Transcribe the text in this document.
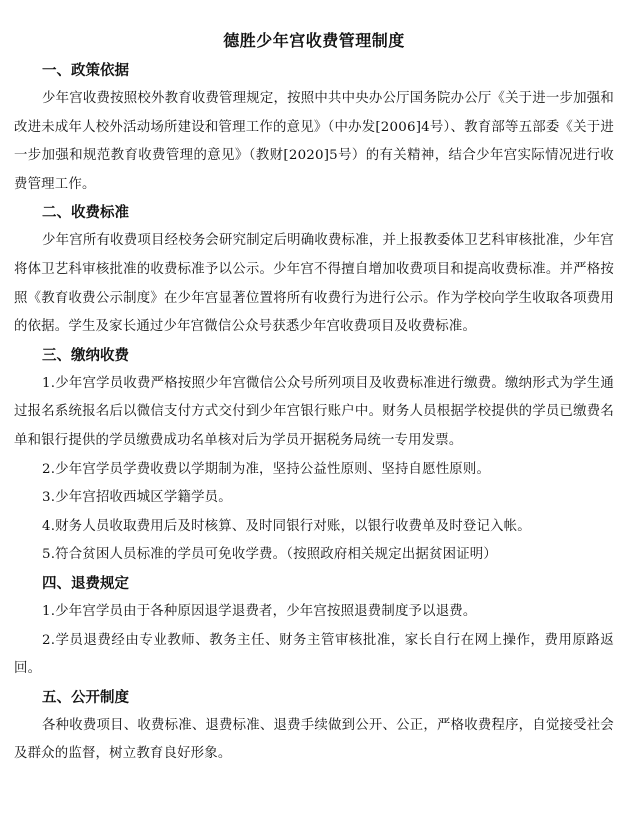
德胜少年宫收费管理制度
一、政策依据

少年宫收费按照校外教育收费管理规定，按照中共中央办公厅国务院办公厅《关于进一步加强和改进未成年人校外活动场所建设和管理工作的意见》（中办发[2006]4号）、教育部等五部委《关于进一步加强和规范教育收费管理的意见》（教财[2020]5号）的有关精神，结合少年宫实际情况进行收费管理工作。

二、收费标准

少年宫所有收费项目经校务会研究制定后明确收费标准，并上报教委体卫艺科审核批准，少年宫将体卫艺科审核批准的收费标准予以公示。少年宫不得擅自增加收费项目和提高收费标准。并严格按照《教育收费公示制度》在少年宫显著位置将所有收费行为进行公示。作为学校向学生收取各项费用的依据。学生及家长通过少年宫微信公众号获悉少年宫收费项目及收费标准。

三、缴纳收费

1.少年宫学员收费严格按照少年宫微信公众号所列项目及收费标准进行缴费。缴纳形式为学生通过报名系统报名后以微信支付方式交付到少年宫银行账户中。财务人员根据学校提供的学员已缴费名单和银行提供的学员缴费成功名单核对后为学员开据税务局统一专用发票。

2.少年宫学员学费收费以学期制为准，坚持公益性原则、坚持自愿性原则。

3.少年宫招收西城区学籍学员。

4.财务人员收取费用后及时核算、及时同银行对账，以银行收费单及时登记入帐。

5.符合贫困人员标准的学员可免收学费。（按照政府相关规定出据贫困证明）

四、退费规定

1.少年宫学员由于各种原因退学退费者，少年宫按照退费制度予以退费。

2.学员退费经由专业教师、教务主任、财务主管审核批准，家长自行在网上操作，费用原路返回。

五、公开制度

各种收费项目、收费标准、退费标准、退费手续做到公开、公正，严格收费程序，自觉接受社会及群众的监督，树立教育良好形象。
